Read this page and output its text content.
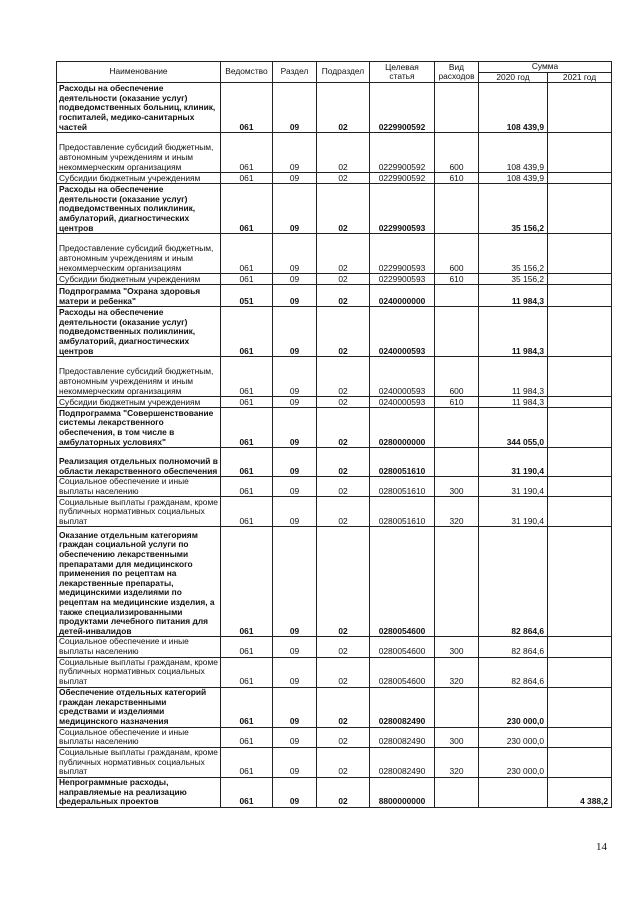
Наименование	Ведомство	Раздел	Подраздел	Целевая статья	Вид расходов	Сумма	
						2020 год	2021 год
Расходы на обеспечение деятельности (оказание услуг) подведомственных больниц, клиник, госпиталей, медико-санитарных частей	061	09	02	0229900592		108 439,9	
Предоставление субсидий бюджетным, автономным учреждениям и иным некоммерческим организациям	061	09	02	0229900592	600	108 439,9	
Субсидии бюджетным учреждениям	061	09	02	0229900592	610	108 439,9	
Расходы на обеспечение деятельности (оказание услуг) подведомственных поликлиник, амбулаторий, диагностических центров	061	09	02	0229900593		35 156,2	
Предоставление субсидий бюджетным, автономным учреждениям и иным некоммерческим организациям	061	09	02	0229900593	600	35 156,2	
Субсидии бюджетным учреждениям	061	09	02	0229900593	610	35 156,2	
Подпрограмма "Охрана здоровья матери и ребенка"	051	09	02	0240000000		11 984,3	
Расходы на обеспечение деятельности (оказание услуг) подведомственных поликлиник, амбулаторий, диагностических центров	061	09	02	0240000593		11 984,3	
Предоставление субсидий бюджетным, автономным учреждениям и иным некоммерческим организациям	061	09	02	0240000593	600	11 984,3	
Субсидии бюджетным учреждениям	061	09	02	0240000593	610	11 984,3	
Подпрограмма "Совершенствование системы лекарственного обеспечения, в том числе в амбулаторных условиях"	061	09	02	0280000000		344 055,0	
Реализация отдельных полномочий в области лекарственного обеспечения	061	09	02	0280051610		31 190,4	
Социальное обеспечение и иные выплаты населению	061	09	02	0280051610	300	31 190,4	
Социальные выплаты гражданам, кроме публичных нормативных социальных выплат	061	09	02	0280051610	320	31 190,4	
Оказание отдельным категориям граждан социальной услуги по обеспечению лекарственными препаратами для медицинского применения по рецептам на лекарственные препараты, медицинскими изделиями по рецептам на медицинские изделия, а также специализированными продуктами лечебного питания для детей-инвалидов	061	09	02	0280054600		82 864,6	
Социальное обеспечение и иные выплаты населению	061	09	02	0280054600	300	82 864,6	
Социальные выплаты гражданам, кроме публичных нормативных социальных выплат	061	09	02	0280054600	320	82 864,6	
Обеспечение отдельных категорий граждан лекарственными средствами и изделиями медицинского назначения	061	09	02	0280082490		230 000,0	
Социальное обеспечение и иные выплаты населению	061	09	02	0280082490	300	230 000,0	
Социальные выплаты гражданам, кроме публичных нормативных социальных выплат	061	09	02	0280082490	320	230 000,0	
Непрограммные расходы, направляемые на реализацию федеральных проектов	061	09	02	8800000000			4 388,2
14
